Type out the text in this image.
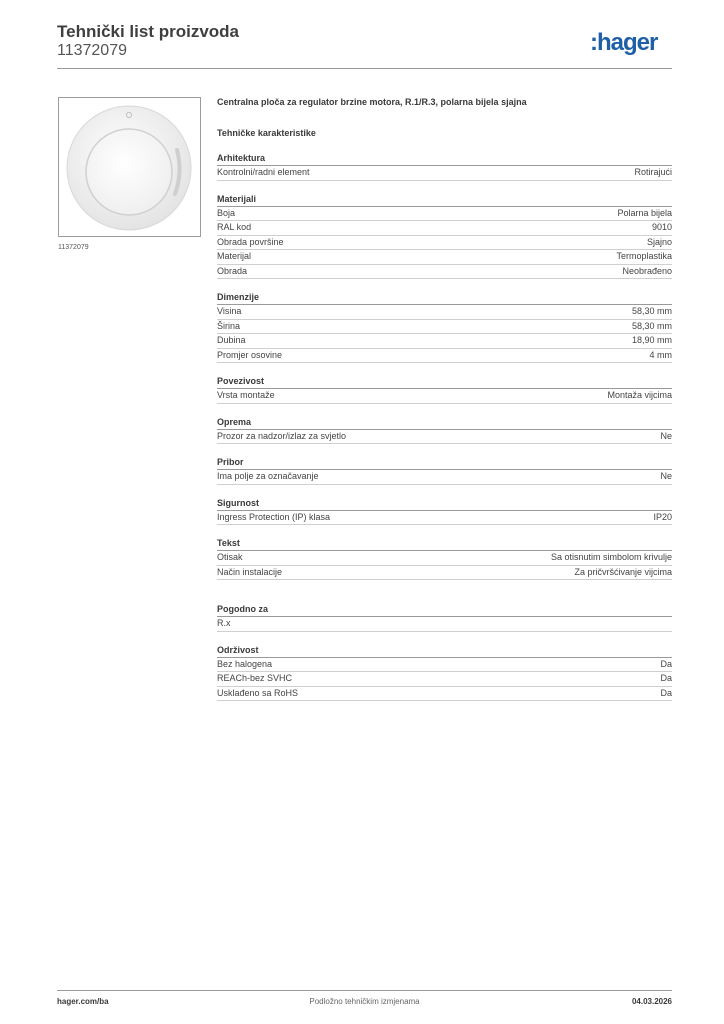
Tehnički list proizvoda
11372079	:hager
11372079
Centralna ploča za regulator brzine motora, R.1/R.3, polarna bijela sjajna
Tehničke karakteristike
Arhitektura
Kontrolni/radni element	Rotirajući
Materijali
Boja	Polarna bijela
RAL kod	9010
Obrada površine	Sjajno
Materijal	Termoplastika
Obrada	Neobrađeno
Dimenzije
Visina	58,30 mm
Širina	58,30 mm
Dubina	18,90 mm
Promjer osovine	4 mm
Povezivost
Vrsta montaže	Montaža vijcima
Oprema
Prozor za nadzor/izlaz za svjetlo	Ne
Pribor
Ima polje za označavanje	Ne
Sigurnost
Ingress Protection (IP) klasa	IP20
Tekst
Otisak	Sa otisnutim simbolom krivulje
Način instalacije	Za pričvršćivanje vijcima
Pogodno za
R.x
Održivost
Bez halogena	Da
REACh-bez SVHC	Da
Usklađeno sa RoHS	Da
hager.com/ba	Podložno tehničkim izmjenama	04.03.2026
